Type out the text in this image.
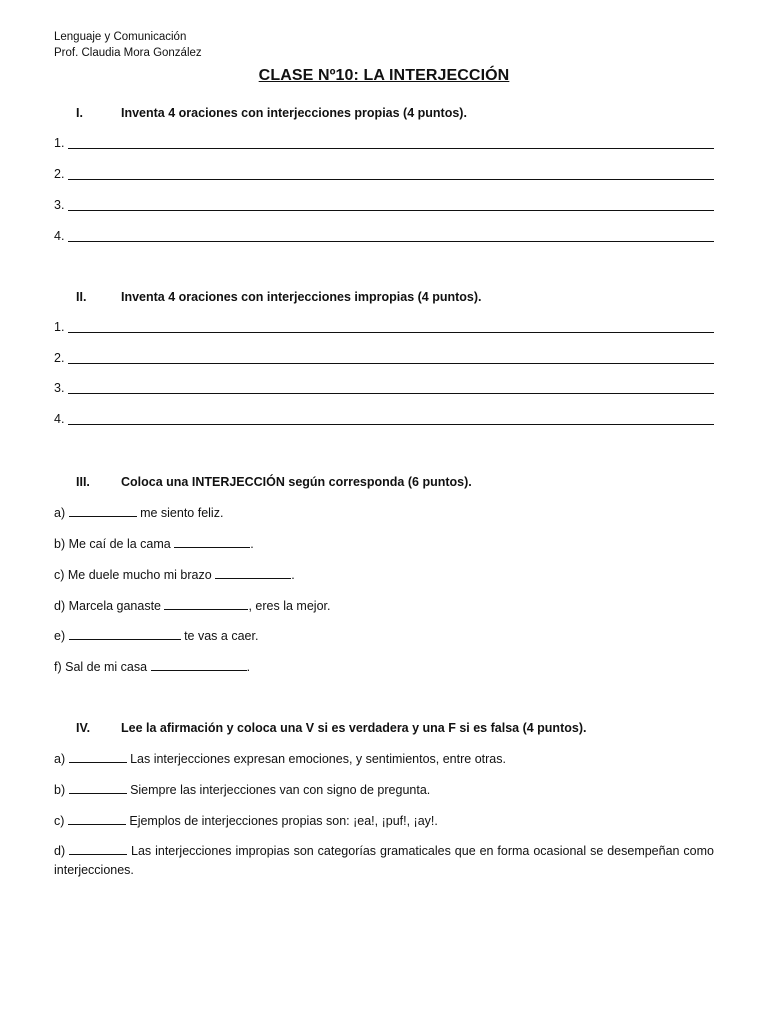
Lenguaje y Comunicación
Prof. Claudia Mora González
CLASE Nº10: LA INTERJECCIÓN
I.	Inventa 4 oraciones con interjecciones propias (4 puntos).
1.
2.
3.
4.
II.	Inventa 4 oraciones con interjecciones impropias (4 puntos).
1.
2.
3.
4.
III. Coloca una INTERJECCIÓN según corresponda (6 puntos).
a)	me siento feliz.
b) Me caí de la cama	.
c) Me duele mucho mi brazo	.
d) Marcela ganaste	, eres la mejor.
e)	te vas a caer.
f) Sal de mi casa	.
IV. Lee la afirmación y coloca una V si es verdadera y una F si es falsa (4 puntos).
a)	Las interjecciones expresan emociones, y sentimientos, entre otras.
b)	Siempre las interjecciones van con signo de pregunta.
c)	Ejemplos de interjecciones propias son: ¡ea!, ¡puf!, ¡ay!.
d)	Las interjecciones impropias son categorías gramaticales que en forma ocasional se desempeñan como interjecciones.
